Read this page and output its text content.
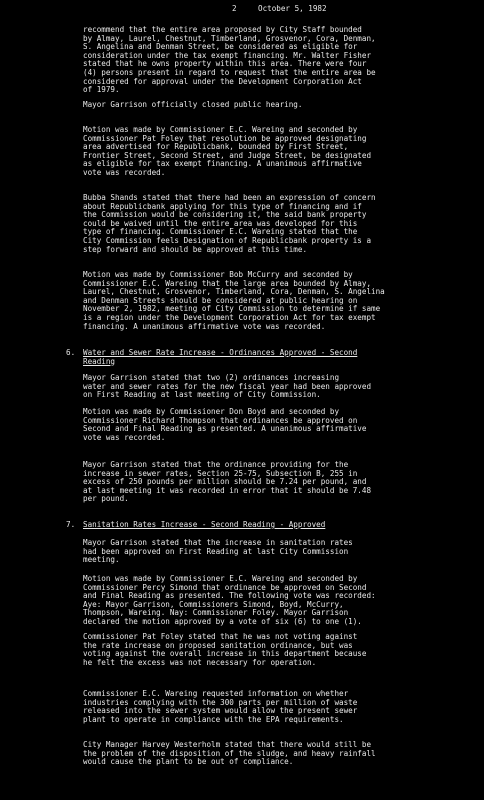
2	October 5, 1982

recommend that the entire area proposed by City Staff bounded
by Almay, Laurel, Chestnut, Timberland, Grosvenor, Cora, Denman,
S. Angelina and Denman Street, be considered as eligible for
consideration under the tax exempt financing. Mr. Walter Fisher
stated that he owns property within this area. There were four
(4) persons present in regard to request that the entire area be
considered for approval under the Development Corporation Act
of 1979.

Mayor Garrison officially closed public hearing.

Motion was made by Commissioner E.C. Wareing and seconded by
Commissioner Pat Foley that resolution be approved designating
area advertised for Republicbank, bounded by First Street,
Frontier Street, Second Street, and Judge Street, be designated
as eligible for tax exempt financing. A unanimous affirmative
vote was recorded.

Bubba Shands stated that there had been an expression of concern
about Republicbank applying for this type of financing and if
the Commission would be considering it, the said bank property
could be waived until the entire area was developed for this
type of financing. Commissioner E.C. Wareing stated that the
City Commission feels Designation of Republicbank property is a
step forward and should be approved at this time.

Motion was made by Commissioner Bob McCurry and seconded by
Commissioner E.C. Wareing that the large area bounded by Almay,
Laurel, Chestnut, Grosvenor, Timberland, Cora, Denman, S. Angelina
and Denman Streets should be considered at public hearing on
November 2, 1982, meeting of City Commission to determine if same
is a region under the Development Corporation Act for tax exempt
financing. A unanimous affirmative vote was recorded.

6. Water and Sewer Rate Increase - Ordinances Approved - Second
Reading

Mayor Garrison stated that two (2) ordinances increasing
water and sewer rates for the new fiscal year had been approved
on First Reading at last meeting of City Commission.

Motion was made by Commissioner Don Boyd and seconded by
Commissioner Richard Thompson that ordinances be approved on
Second and Final Reading as presented. A unanimous affirmative
vote was recorded.

Mayor Garrison stated that the ordinance providing for the
increase in sewer rates, Section 25-75, Subsection B, 255 in
excess of 250 pounds per million should be 7.24 per pound, and
at last meeting it was recorded in error that it should be 7.48
per pound.

7. Sanitation Rates Increase - Second Reading - Approved

Mayor Garrison stated that the increase in sanitation rates
had been approved on First Reading at last City Commission
meeting.

Motion was made by Commissioner E.C. Wareing and seconded by
Commissioner Percy Simond that ordinance be approved on Second
and Final Reading as presented. The following vote was recorded:
Aye: Mayor Garrison, Commissioners Simond, Boyd, McCurry,
Thompson, Wareing. Nay: Commissioner Foley. Mayor Garrison
declared the motion approved by a vote of six (6) to one (1).

Commissioner Pat Foley stated that he was not voting against
the rate increase on proposed sanitation ordinance, but was
voting against the overall increase in this department because
he felt the excess was not necessary for operation.

Commissioner E.C. Wareing requested information on whether
industries complying with the 300 parts per million of waste
released into the sewer system would allow the present sewer
plant to operate in compliance with the EPA requirements.

City Manager Harvey Westerholm stated that there would still be
the problem of the disposition of the sludge, and heavy rainfall
would cause the plant to be out of compliance.
